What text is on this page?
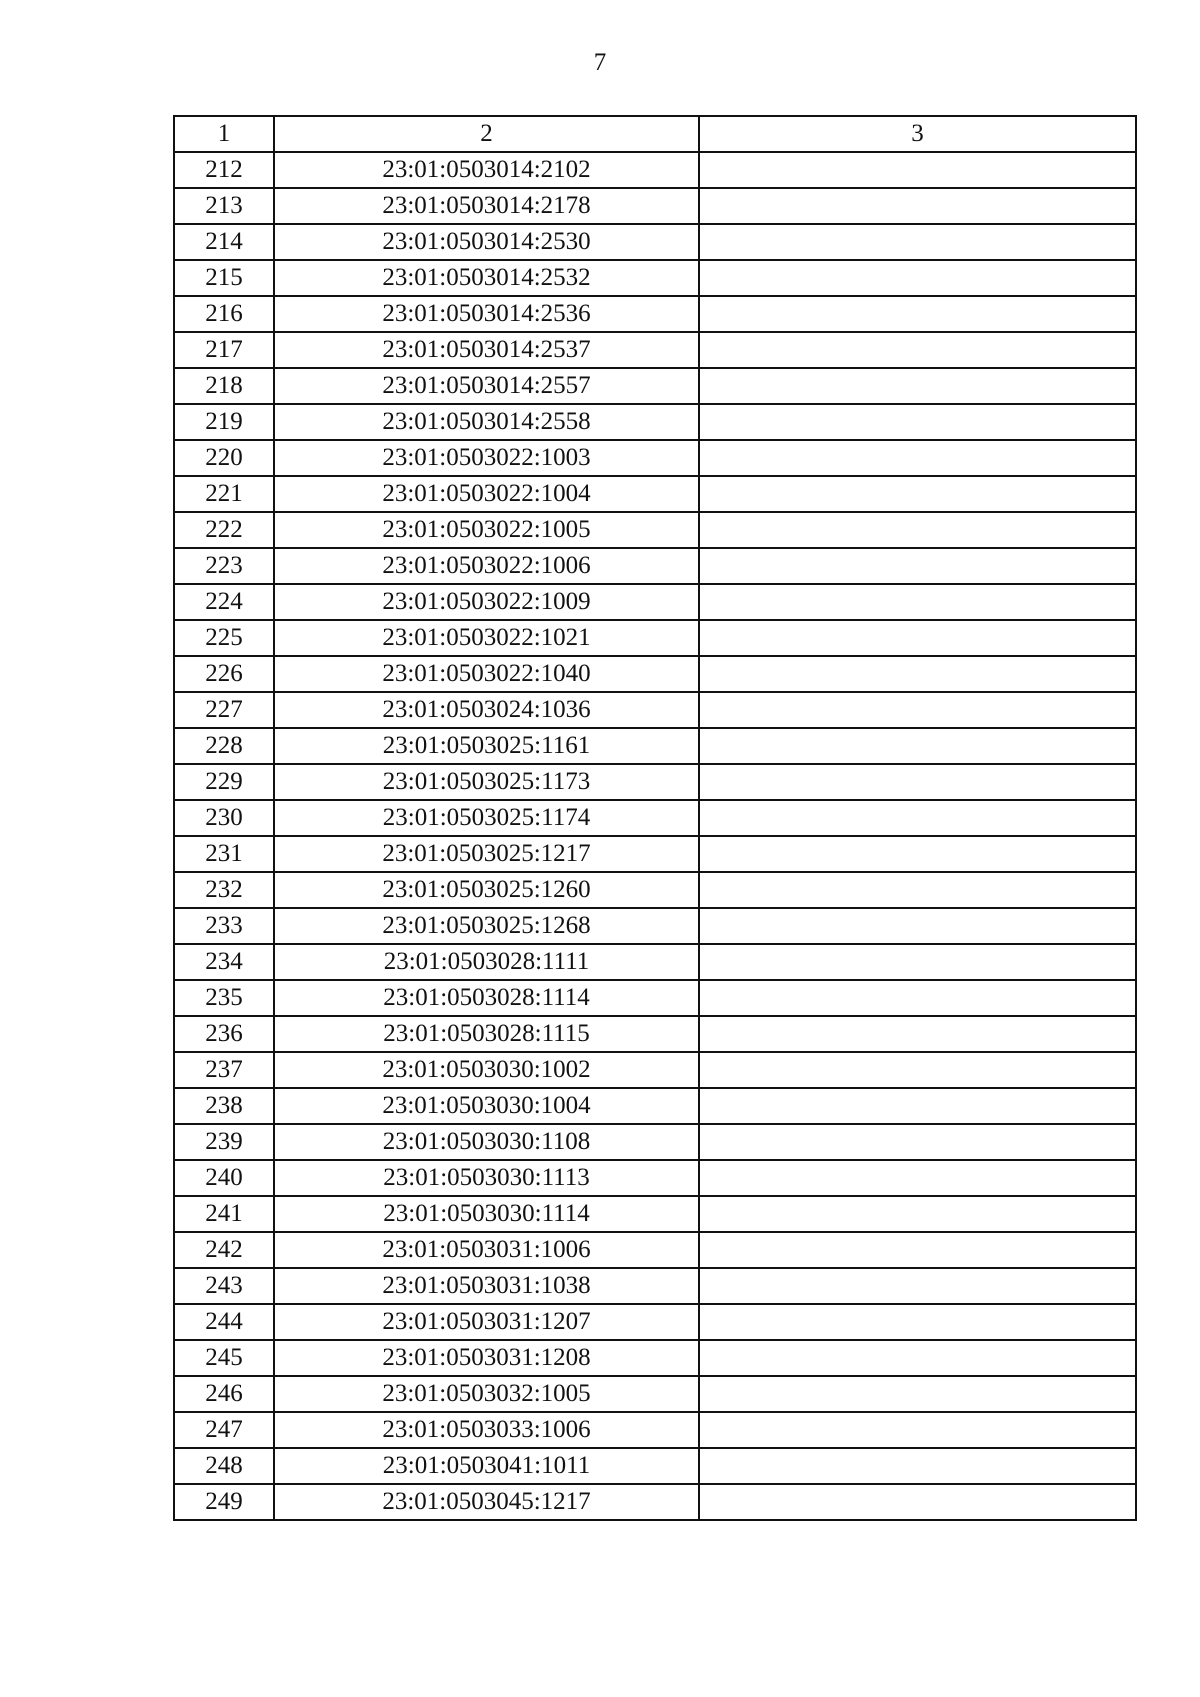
7
1	2	3
212	23:01:0503014:2102	
213	23:01:0503014:2178	
214	23:01:0503014:2530	
215	23:01:0503014:2532	
216	23:01:0503014:2536	
217	23:01:0503014:2537	
218	23:01:0503014:2557	
219	23:01:0503014:2558	
220	23:01:0503022:1003	
221	23:01:0503022:1004	
222	23:01:0503022:1005	
223	23:01:0503022:1006	
224	23:01:0503022:1009	
225	23:01:0503022:1021	
226	23:01:0503022:1040	
227	23:01:0503024:1036	
228	23:01:0503025:1161	
229	23:01:0503025:1173	
230	23:01:0503025:1174	
231	23:01:0503025:1217	
232	23:01:0503025:1260	
233	23:01:0503025:1268	
234	23:01:0503028:1111	
235	23:01:0503028:1114	
236	23:01:0503028:1115	
237	23:01:0503030:1002	
238	23:01:0503030:1004	
239	23:01:0503030:1108	
240	23:01:0503030:1113	
241	23:01:0503030:1114	
242	23:01:0503031:1006	
243	23:01:0503031:1038	
244	23:01:0503031:1207	
245	23:01:0503031:1208	
246	23:01:0503032:1005	
247	23:01:0503033:1006	
248	23:01:0503041:1011	
249	23:01:0503045:1217	
